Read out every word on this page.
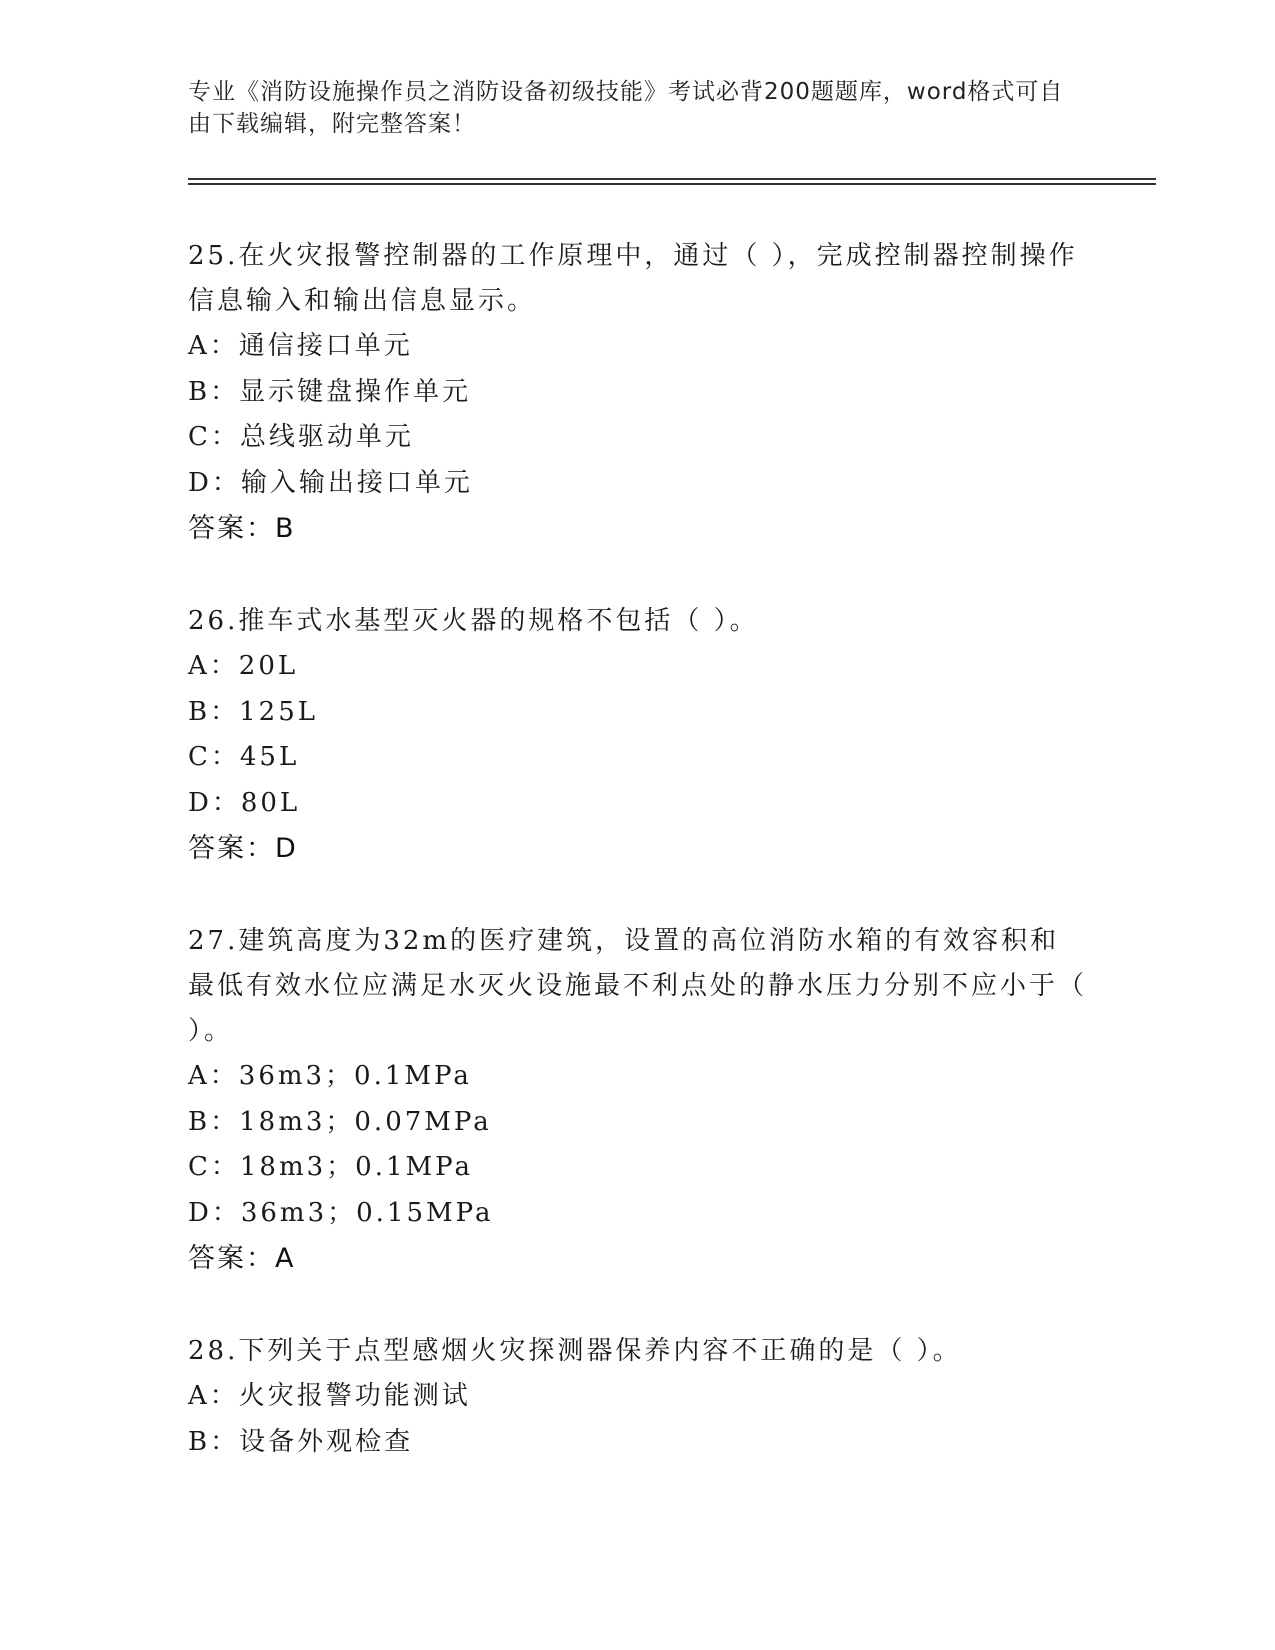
专业《消防设施操作员之消防设备初级技能》考试必背200题题库，word格式可自由下载编辑，附完整答案！

25.在火灾报警控制器的工作原理中，通过（ ），完成控制器控制操作信息输入和输出信息显示。

A：通信接口单元
B：显示键盘操作单元
C：总线驱动单元
D：输入输出接口单元

答案：B

26.推车式水基型灭火器的规格不包括（ ）。

A：20L
B：125L
C：45L
D：80L

答案：D

27.建筑高度为32m的医疗建筑，设置的高位消防水箱的有效容积和最低有效水位应满足水灭火设施最不利点处的静水压力分别不应小于（ ）。

A：36m3；0.1MPa
B：18m3；0.07MPa
C：18m3；0.1MPa
D：36m3；0.15MPa

答案：A

28.下列关于点型感烟火灾探测器保养内容不正确的是（ ）。

A：火灾报警功能测试
B：设备外观检查
